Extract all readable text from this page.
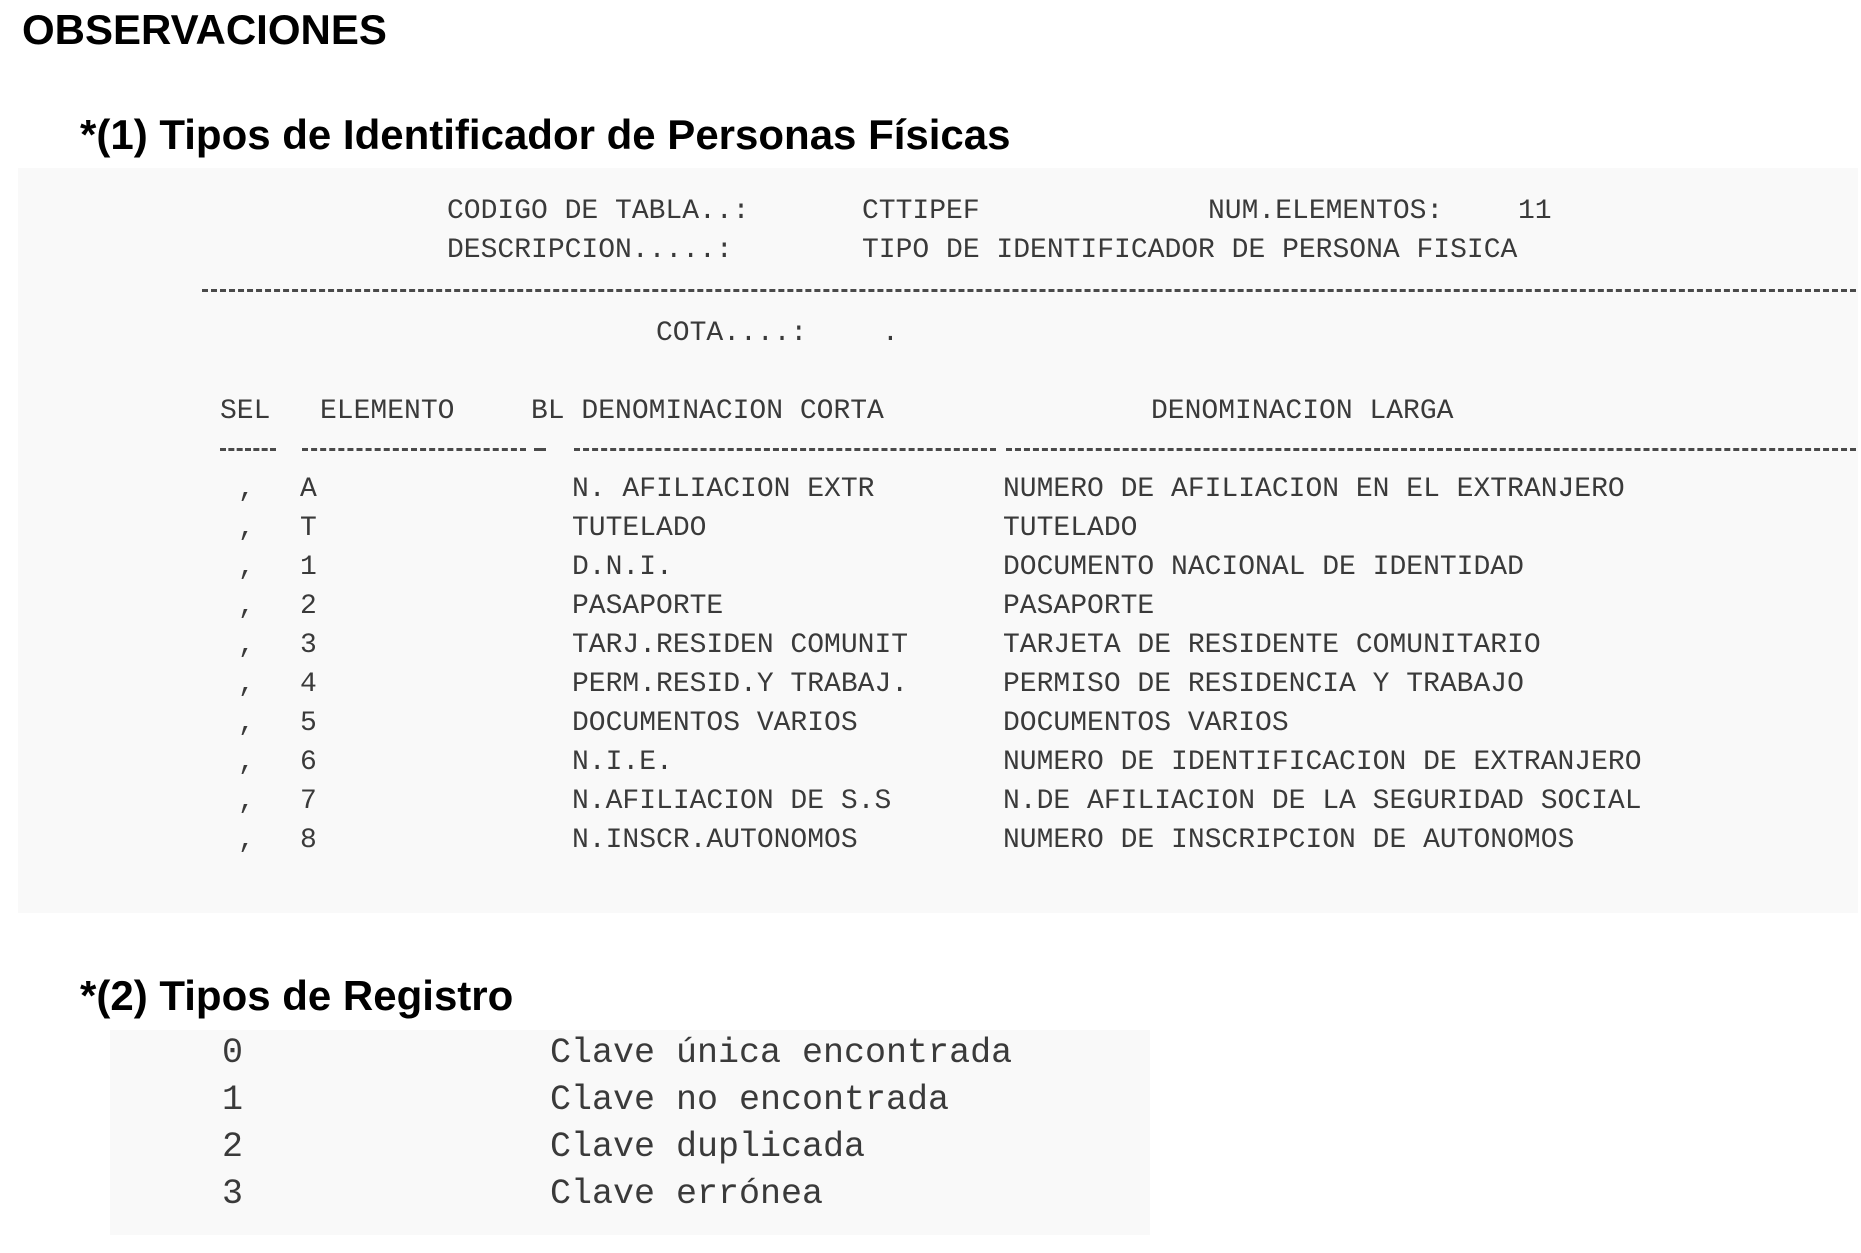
OBSERVACIONES
*(1) Tipos de Identificador de Personas Físicas
CODIGO DE TABLA..:	CTTIPEF	NUM.ELEMENTOS:	11
DESCRIPCION.....:	TIPO DE IDENTIFICADOR DE PERSONA FISICA
COTA....:	.
SEL ELEMENTO	BL DENOMINACION CORTA	DENOMINACION LARGA
, A	N. AFILIACION EXTR	NUMERO DE AFILIACION EN EL EXTRANJERO
, T	TUTELADO	TUTELADO
, 1	D.N.I.	DOCUMENTO NACIONAL DE IDENTIDAD
, 2	PASAPORTE	PASAPORTE
, 3	TARJ.RESIDEN COMUNIT	TARJETA DE RESIDENTE COMUNITARIO
, 4	PERM.RESID.Y TRABAJ.	PERMISO DE RESIDENCIA Y TRABAJO
, 5	DOCUMENTOS VARIOS	DOCUMENTOS VARIOS
, 6	N.I.E.	NUMERO DE IDENTIFICACION DE EXTRANJERO
, 7	N.AFILIACION DE S.S	N.DE AFILIACION DE LA SEGURIDAD SOCIAL
, 8	N.INSCR.AUTONOMOS	NUMERO DE INSCRIPCION DE AUTONOMOS
*(2) Tipos de Registro
0	Clave única encontrada
1	Clave no encontrada
2	Clave duplicada
3	Clave errónea
